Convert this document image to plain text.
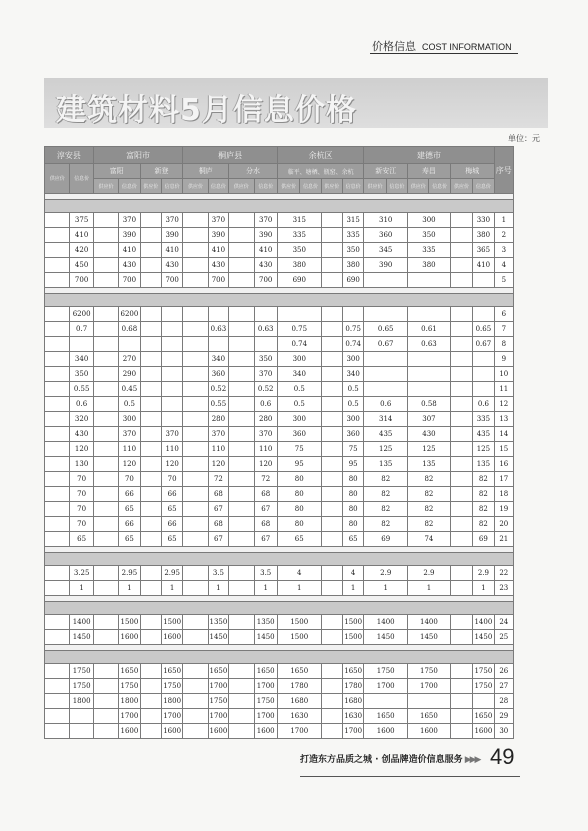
价格信息 COST INFORMATION
建筑材料5月信息价格
单位：元
淳安县		富阳市				桐庐县				余杭区				建德市						序号
供应价	信息价	富阳		新登		桐庐		分水		临平、塘栖、瓶窑、余杭				新安江		寿昌		梅城		
		供应价	信息价	供应价	信息价	供应价	信息价	供应价	信息价	供应价	信息价	供应价	信息价	供应价	信息价	供应价	信息价	供应价	信息价	

	375		370		370		370		370	315			315	310		300			330	1
	410		390		390		390		390	335			335	360		350			380	2
	420		410		410		410		410	350			350	345		335			365	3
	450		430		430		430		430	380			380	390		380			410	4
	700		700		700		700		700	690			690							5

	6200		6200																	6
	0.7		0.68				0.63		0.63	0.75			0.75	0.65		0.61			0.65	7
										0.74			0.74	0.67		0.63			0.67	8
	340		270				340		350	300			300							9
	350		290				360		370	340			340							10
	0.55		0.45				0.52		0.52	0.5			0.5							11
	0.6		0.5				0.55		0.6	0.5			0.5	0.6		0.58			0.6	12
	320		300				280		280	300			300	314		307			335	13
	430		370		370		370		370	360			360	435		430			435	14
	120		110		110		110		110	75			75	125		125			125	15
	130		120		120		120		120	95			95	135		135			135	16
	70		70		70		72		72	80			80	82		82			82	17
	70		66		66		68		68	80			80	82		82			82	18
	70		65		65		67		67	80			80	82		82			82	19
	70		66		66		68		68	80			80	82		82			82	20
	65		65		65		67		67	65			65	69		74			69	21

	3.25		2.95		2.95		3.5		3.5	4			4	2.9		2.9			2.9	22
	1		1		1		1		1	1			1	1		1			1	23

	1400		1500		1500		1350		1350	1500			1500	1400		1400			1400	24
	1450		1600		1600		1450		1450	1500			1500	1450		1450			1450	25

	1750		1650		1650		1650		1650	1650			1650	1750		1750			1750	26
	1750		1750		1750		1700		1700	1780			1780	1700		1700			1750	27
	1800		1800		1800		1750		1750	1680			1680							28
			1700		1700		1700		1700	1630			1630	1650		1650			1650	29
			1600		1600		1600		1600	1700			1700	1600		1600			1600	30
打造东方品质之城 · 创品牌造价信息服务 ▶▶▶ 49
